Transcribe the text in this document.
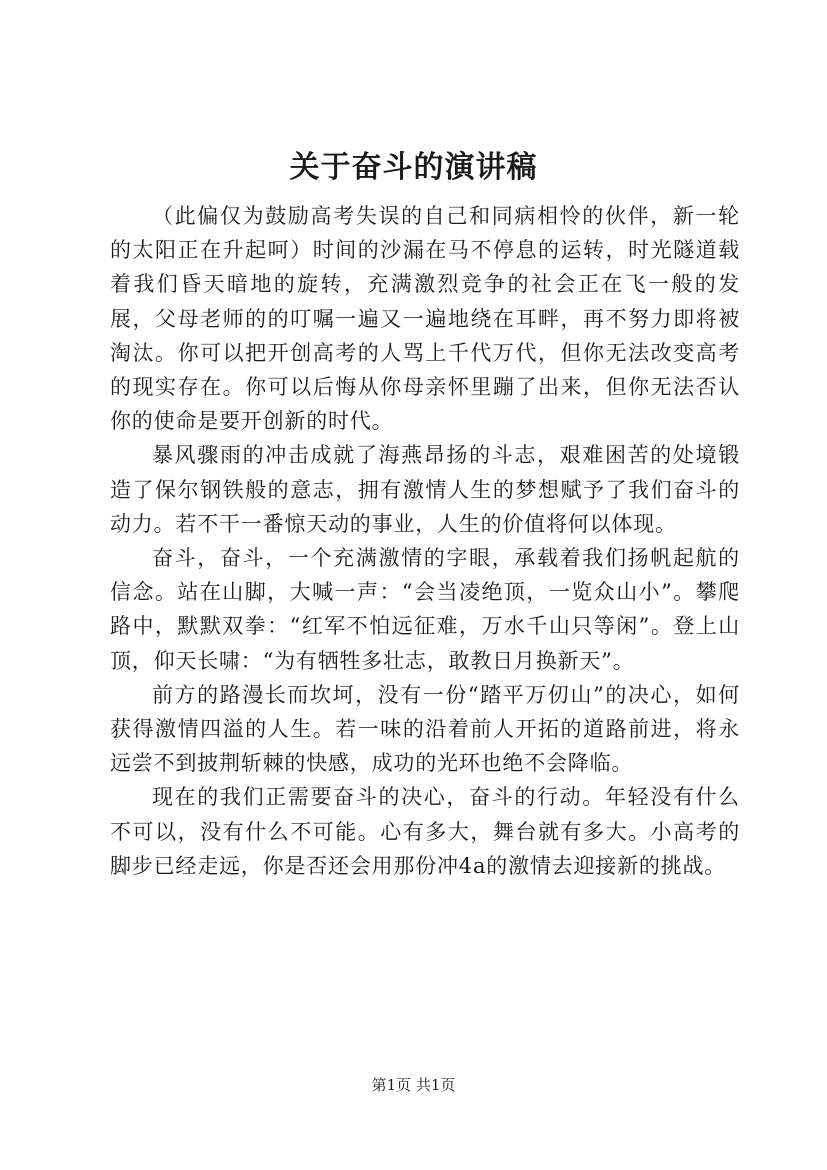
关于奋斗的演讲稿

（此偏仅为鼓励高考失误的自己和同病相怜的伙伴，新一轮的太阳正在升起呵）时间的沙漏在马不停息的运转，时光隧道载着我们昏天暗地的旋转，充满激烈竞争的社会正在飞一般的发展，父母老师的的叮嘱一遍又一遍地绕在耳畔，再不努力即将被淘汰。你可以把开创高考的人骂上千代万代，但你无法改变高考的现实存在。你可以后悔从你母亲怀里蹦了出来，但你无法否认你的使命是要开创新的时代。

暴风骤雨的冲击成就了海燕昂扬的斗志，艰难困苦的处境锻造了保尔钢铁般的意志，拥有激情人生的梦想赋予了我们奋斗的动力。若不干一番惊天动的事业，人生的价值将何以体现。

奋斗，奋斗，一个充满激情的字眼，承载着我们扬帆起航的信念。站在山脚，大喊一声：“会当凌绝顶，一览众山小”。攀爬路中，默默双拳：“红军不怕远征难，万水千山只等闲”。登上山顶，仰天长啸：“为有牺牲多壮志，敢教日月换新天”。

前方的路漫长而坎坷，没有一份“踏平万仞山”的决心，如何获得激情四溢的人生。若一味的沿着前人开拓的道路前进，将永远尝不到披荆斩棘的快感，成功的光环也绝不会降临。

现在的我们正需要奋斗的决心，奋斗的行动。年轻没有什么不可以，没有什么不可能。心有多大，舞台就有多大。小高考的脚步已经走远，你是否还会用那份冲4a的激情去迎接新的挑战。

第1页 共1页
